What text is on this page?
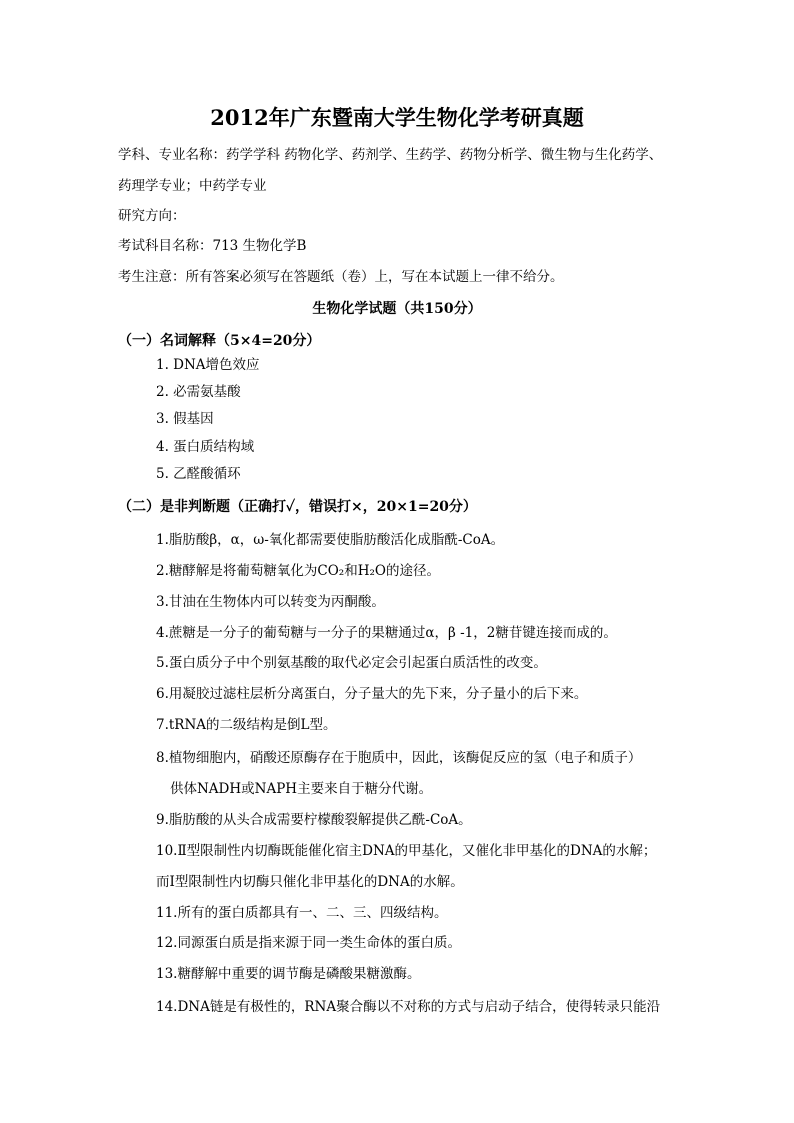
2012年广东暨南大学生物化学考研真题
学科、专业名称：药学学科 药物化学、药剂学、生药学、药物分析学、微生物与生化药学、
药理学专业；中药学专业
研究方向：
考试科目名称：713 生物化学B
考生注意：所有答案必须写在答题纸（卷）上，写在本试题上一律不给分。
生物化学试题（共150分）
（一）名词解释（5×4=20分）
1. DNA增色效应
2. 必需氨基酸
3. 假基因
4. 蛋白质结构域
5. 乙醛酸循环
（二）是非判断题（正确打✓，错误打×，20×1=20分）
1.脂肪酸β，α，ω-氧化都需要使脂肪酸活化成脂酰-CoA。
2.糖酵解是将葡萄糖氧化为CO₂和H₂O的途径。
3.甘油在生物体内可以转变为丙酮酸。
4.蔗糖是一分子的葡萄糖与一分子的果糖通过α，β -1，2糖苷键连接而成的。
5.蛋白质分子中个别氨基酸的取代必定会引起蛋白质活性的改变。
6.用凝胶过滤柱层析分离蛋白，分子量大的先下来，分子量小的后下来。
7.tRNA的二级结构是倒L型。
8.植物细胞内，硝酸还原酶存在于胞质中，因此，该酶促反应的氢（电子和质子）
供体NADH或NAPH主要来自于糖分代谢。
9.脂肪酸的从头合成需要柠檬酸裂解提供乙酰-CoA。
10.Ⅱ型限制性内切酶既能催化宿主DNA的甲基化，又催化非甲基化的DNA的水解；
而Ⅰ型限制性内切酶只催化非甲基化的DNA的水解。
11.所有的蛋白质都具有一、二、三、四级结构。
12.同源蛋白质是指来源于同一类生命体的蛋白质。
13.糖酵解中重要的调节酶是磷酸果糖激酶。
14.DNA链是有极性的，RNA聚合酶以不对称的方式与启动子结合，使得转录只能沿
